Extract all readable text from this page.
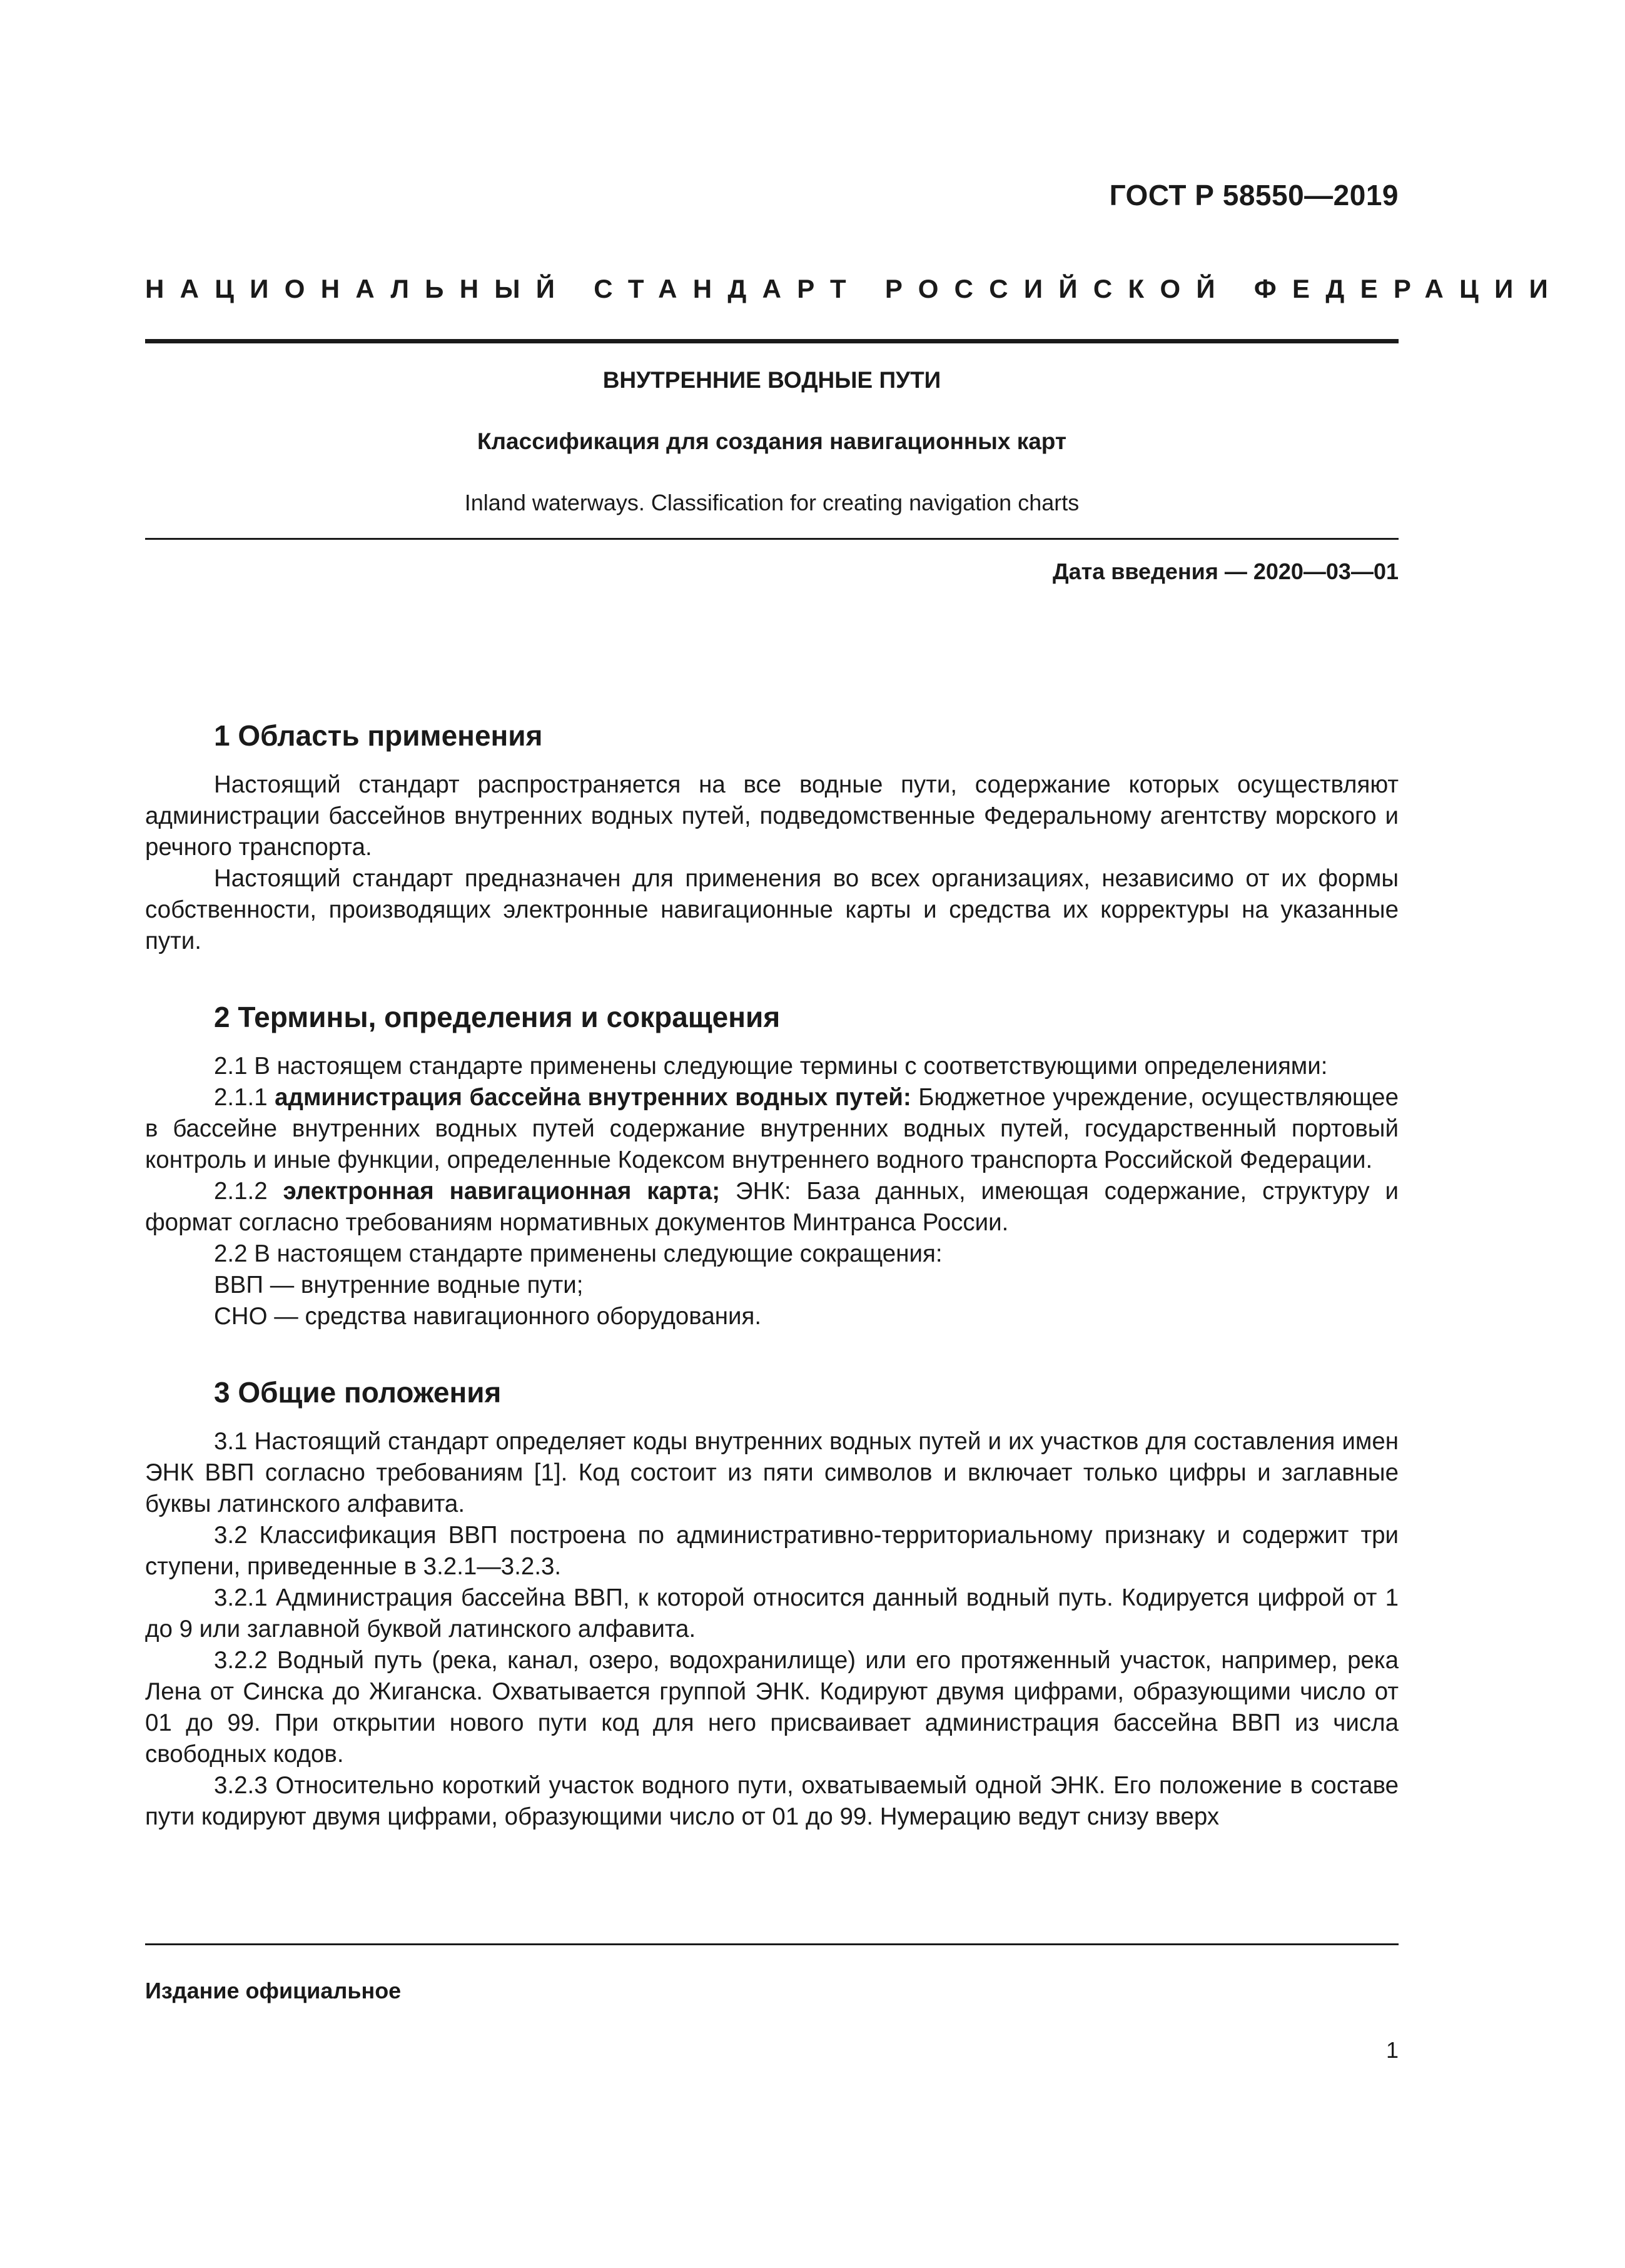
ГОСТ Р 58550—2019
НАЦИОНАЛЬНЫЙ СТАНДАРТ РОССИЙСКОЙ ФЕДЕРАЦИИ
ВНУТРЕННИЕ ВОДНЫЕ ПУТИ
Классификация для создания навигационных карт
Inland waterways. Classification for creating navigation charts
Дата введения — 2020—03—01
1 Область применения

Настоящий стандарт распространяется на все водные пути, содержание которых осуществляют администрации бассейнов внутренних водных путей, подведомственные Федеральному агентству морского и речного транспорта.

Настоящий стандарт предназначен для применения во всех организациях, независимо от их формы собственности, производящих электронные навигационные карты и средства их корректуры на указанные пути.

2 Термины, определения и сокращения

2.1 В настоящем стандарте применены следующие термины с соответствующими определениями:

2.1.1 администрация бассейна внутренних водных путей: Бюджетное учреждение, осуществляющее в бассейне внутренних водных путей содержание внутренних водных путей, государственный портовый контроль и иные функции, определенные Кодексом внутреннего водного транспорта Российской Федерации.

2.1.2 электронная навигационная карта; ЭНК: База данных, имеющая содержание, структуру и формат согласно требованиям нормативных документов Минтранса России.

2.2 В настоящем стандарте применены следующие сокращения:

ВВП — внутренние водные пути;

СНО — средства навигационного оборудования.

3 Общие положения

3.1 Настоящий стандарт определяет коды внутренних водных путей и их участков для составления имен ЭНК ВВП согласно требованиям [1]. Код состоит из пяти символов и включает только цифры и заглавные буквы латинского алфавита.

3.2 Классификация ВВП построена по административно-территориальному признаку и содержит три ступени, приведенные в 3.2.1—3.2.3.

3.2.1 Администрация бассейна ВВП, к которой относится данный водный путь. Кодируется цифрой от 1 до 9 или заглавной буквой латинского алфавита.

3.2.2 Водный путь (река, канал, озеро, водохранилище) или его протяженный участок, например, река Лена от Синска до Жиганска. Охватывается группой ЭНК. Кодируют двумя цифрами, образующими число от 01 до 99. При открытии нового пути код для него присваивает администрация бассейна ВВП из числа свободных кодов.

3.2.3 Относительно короткий участок водного пути, охватываемый одной ЭНК. Его положение в составе пути кодируют двумя цифрами, образующими число от 01 до 99. Нумерацию ведут снизу вверх

Издание официальное
1
